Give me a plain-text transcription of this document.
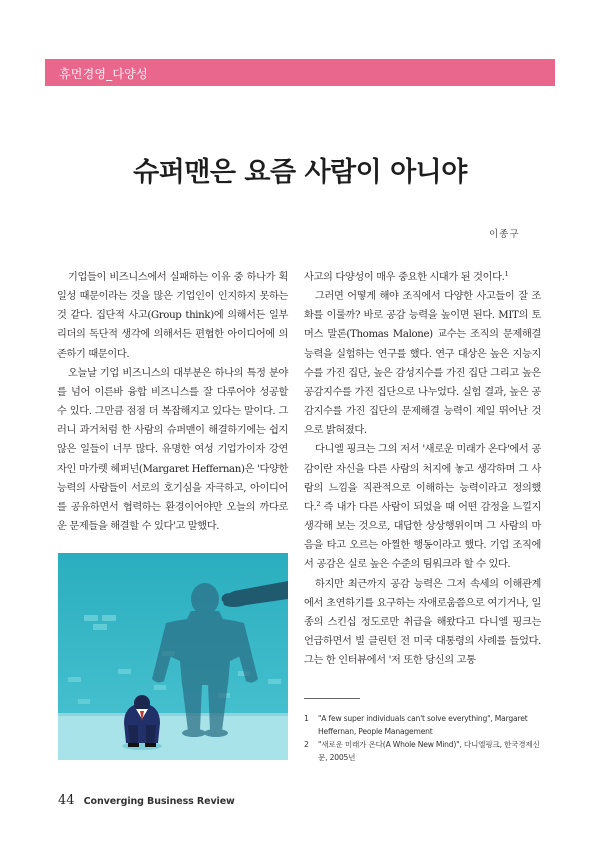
휴먼경영_다양성
슈퍼맨은 요즘 사람이 아니야
이종구

기업들이 비즈니스에서 실패하는 이유 중 하나가 획일성 때문이라는 것을 많은 기업인이 인지하지 못하는 것 같다. 집단적 사고(Group think)에 의해서든 일부 리더의 독단적 생각에 의해서든 편협한 아이디어에 의존하기 때문이다.

오늘날 기업 비즈니스의 대부분은 하나의 특정 분야를 넘어 이른바 융합 비즈니스를 잘 다루어야 성공할 수 있다. 그만큼 점점 더 복잡해지고 있다는 말이다. 그러니 과거처럼 한 사람의 슈퍼맨이 해결하기에는 쉽지 않은 일들이 너무 많다. 유명한 여성 기업가이자 강연자인 마가렛 헤퍼넌(Margaret Heffernan)은 '다양한 능력의 사람들이 서로의 호기심을 자극하고, 아이디어를 공유하면서 협력하는 환경이어야만 오늘의 까다로운 문제들을 해결할 수 있다'고 말했다.

사고의 다양성이 매우 중요한 시대가 된 것이다.$^1$

그러면 어떻게 해야 조직에서 다양한 사고들이 잘 조화를 이룰까? 바로 공감 능력을 높이면 된다. MIT의 토머스 말론(Thomas Malone) 교수는 조직의 문제해결 능력을 실험하는 연구를 했다. 연구 대상은 높은 지능지수를 가진 집단, 높은 감성지수를 가진 집단 그리고 높은 공감지수를 가진 집단으로 나누었다. 실험 결과, 높은 공감지수를 가진 집단의 문제해결 능력이 제일 뛰어난 것으로 밝혀졌다.

다니엘 핑크는 그의 저서 '새로운 미래가 온다'에서 공감이란 자신을 다른 사람의 처지에 놓고 생각하며 그 사람의 느낌을 직관적으로 이해하는 능력이라고 정의했다.$^2$ 즉 내가 다른 사람이 되었을 때 어떤 감정을 느낄지 생각해 보는 것으로, 대답한 상상행위이며 그 사람의 마음을 타고 오르는 아찔한 행동이라고 했다. 기업 조직에서 공감은 실로 높은 수준의 팀워크라 할 수 있다.

하지만 최근까지 공감 능력은 그저 속세의 이해관계에서 초연하기를 요구하는 자애로움쯤으로 여기거나, 일종의 스킨십 정도로만 취급을 해왔다고 다니엘 핑크는 언급하면서 빌 클린턴 전 미국 대통령의 사례를 들었다. 그는 한 인터뷰에서 '저 또한 당신의 고통

1 "A few super individuals can't solve everything", Margaret Heffernan, People Management
2 "새로운 미래가 온다(A Whole New Mind)", 다니엘핑크, 한국경제신문, 2005년
44 Converging Business Review
